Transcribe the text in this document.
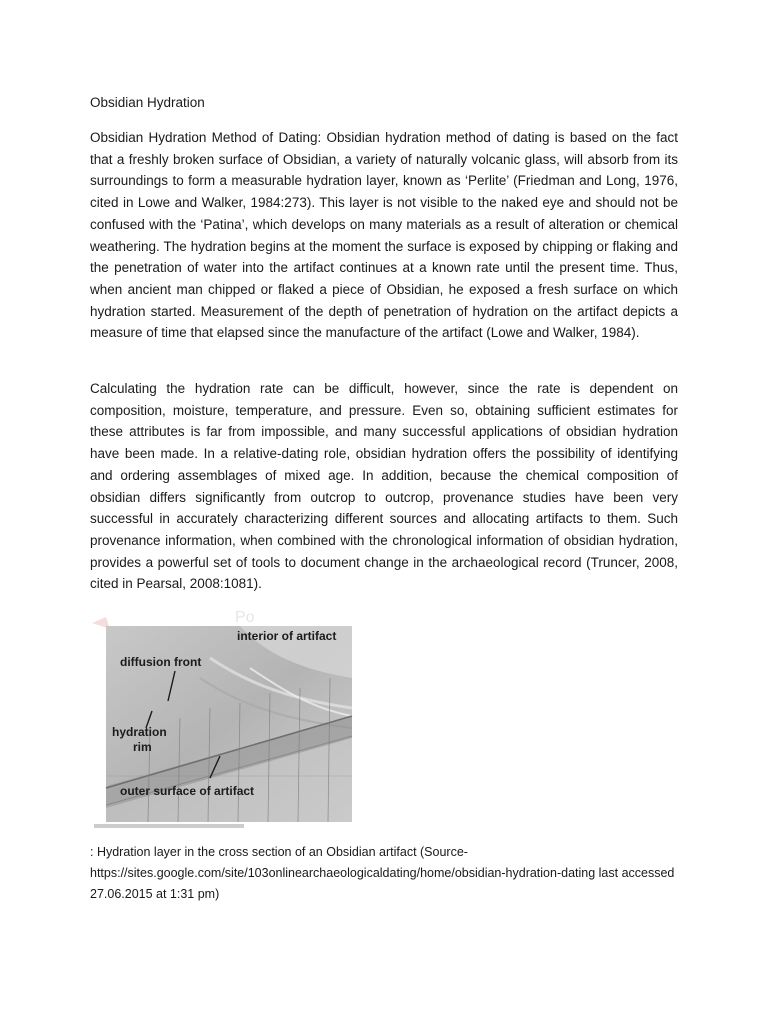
Obsidian Hydration

Obsidian Hydration Method of Dating: Obsidian hydration method of dating is based on the fact that a freshly broken surface of Obsidian, a variety of naturally volcanic glass, will absorb from its surroundings to form a measurable hydration layer, known as ‘Perlite’ (Friedman and Long, 1976, cited in Lowe and Walker, 1984:273). This layer is not visible to the naked eye and should not be confused with the ‘Patina’, which develops on many materials as a result of alteration or chemical weathering. The hydration begins at the moment the surface is exposed by chipping or flaking and the penetration of water into the artifact continues at a known rate until the present time. Thus, when ancient man chipped or flaked a piece of Obsidian, he exposed a fresh surface on which hydration started. Measurement of the depth of penetration of hydration on the artifact depicts a measure of time that elapsed since the manufacture of the artifact (Lowe and Walker, 1984).

Calculating the hydration rate can be difficult, however, since the rate is dependent on composition, moisture, temperature, and pressure. Even so, obtaining sufficient estimates for these attributes is far from impossible, and many successful applications of obsidian hydration have been made. In a relative-dating role, obsidian hydration offers the possibility of identifying and ordering assemblages of mixed age. In addition, because the chemical composition of obsidian differs significantly from outcrop to outcrop, provenance studies have been very successful in accurately characterizing different sources and allocating artifacts to them. Such provenance information, when combined with the chronological information of obsidian hydration, provides a powerful set of tools to document change in the archaeological record (Truncer, 2008, cited in Pearsal, 2008:1081).

Po
interior of artifact
diffusion front
hydration
rim
outer surface of artifact

: Hydration layer in the cross section of an Obsidian artifact (Source- https://sites.google.com/site/103onlinearchaeologicaldating/home/obsidian-hydration-dating last accessed 27.06.2015 at 1:31 pm)
